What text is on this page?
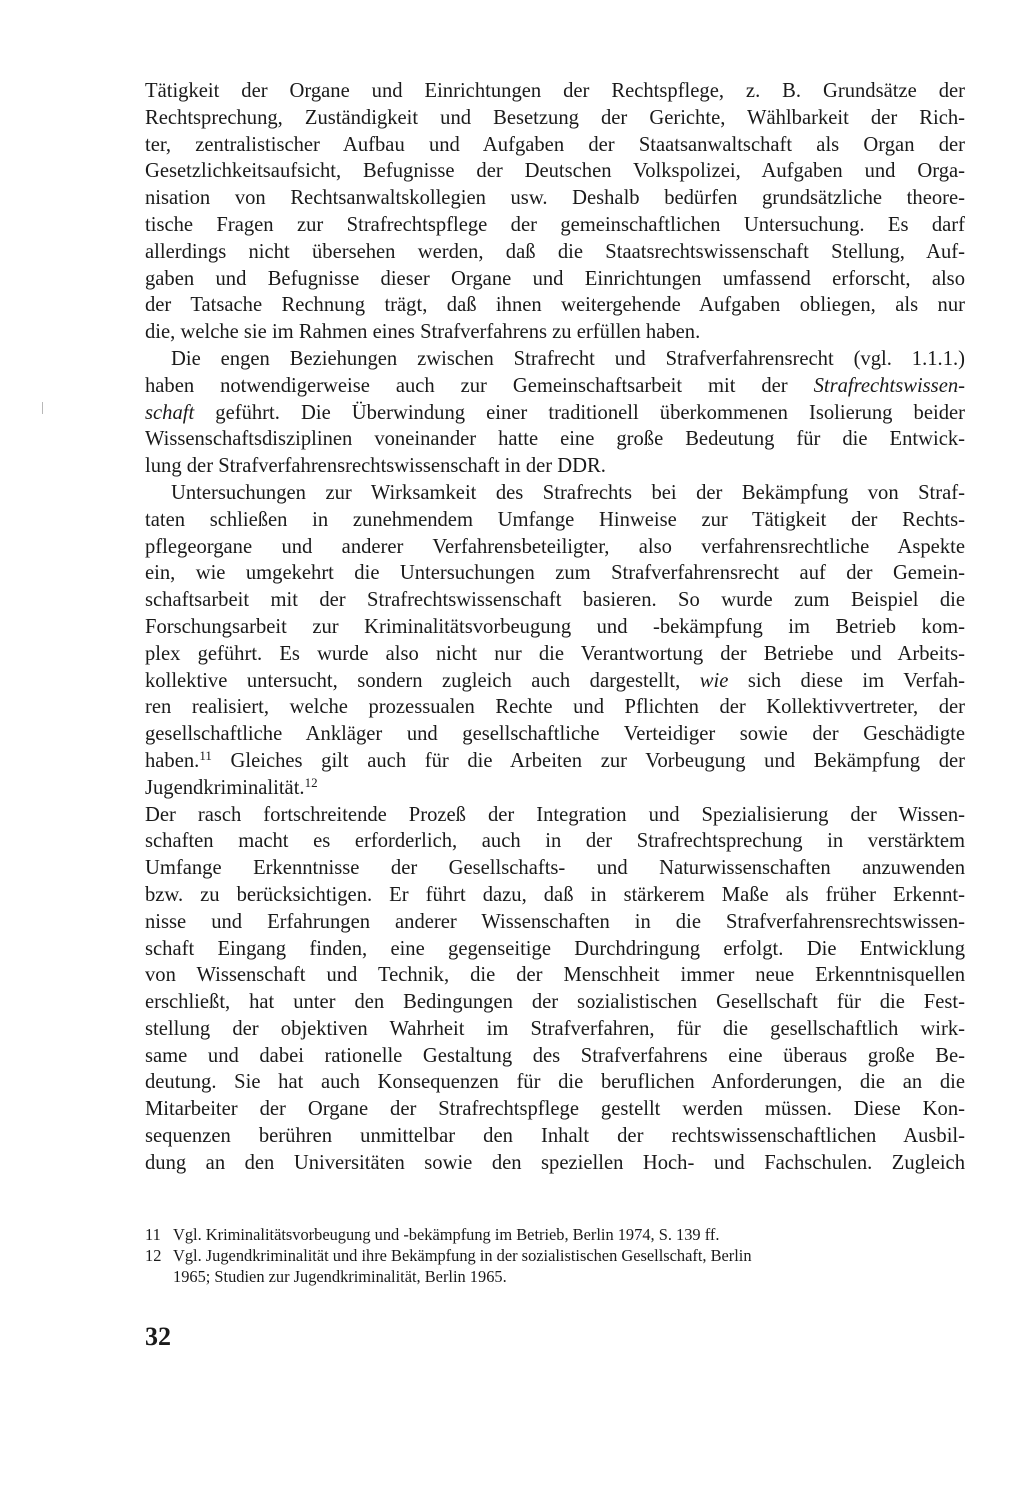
Tätigkeit der Organe und Einrichtungen der Rechtspflege, z. B. Grundsätze der
Rechtsprechung, Zuständigkeit und Besetzung der Gerichte, Wählbarkeit der Rich-
ter, zentralistischer Aufbau und Aufgaben der Staatsanwaltschaft als Organ der
Gesetzlichkeitsaufsicht, Befugnisse der Deutschen Volkspolizei, Aufgaben und Orga-
nisation von Rechtsanwaltskollegien usw. Deshalb bedürfen grundsätzliche theore-
tische Fragen zur Strafrechtspflege der gemeinschaftlichen Untersuchung. Es darf
allerdings nicht übersehen werden, daß die Staatsrechtswissenschaft Stellung, Auf-
gaben und Befugnisse dieser Organe und Einrichtungen umfassend erforscht, also
der Tatsache Rechnung trägt, daß ihnen weitergehende Aufgaben obliegen, als nur
die, welche sie im Rahmen eines Strafverfahrens zu erfüllen haben.

Die engen Beziehungen zwischen Strafrecht und Strafverfahrensrecht (vgl. 1.1.1.)
haben notwendigerweise auch zur Gemeinschaftsarbeit mit der Strafrechtswissen-
schaft geführt. Die Überwindung einer traditionell überkommenen Isolierung beider
Wissenschaftsdisziplinen voneinander hatte eine große Bedeutung für die Entwick-
lung der Strafverfahrensrechtswissenschaft in der DDR.

Untersuchungen zur Wirksamkeit des Strafrechts bei der Bekämpfung von Straf-
taten schließen in zunehmendem Umfange Hinweise zur Tätigkeit der Rechts-
pflegeorgane und anderer Verfahrensbeteiligter, also verfahrensrechtliche Aspekte
ein, wie umgekehrt die Untersuchungen zum Strafverfahrensrecht auf der Gemein-
schaftsarbeit mit der Strafrechtswissenschaft basieren. So wurde zum Beispiel die
Forschungsarbeit zur Kriminalitätsvorbeugung und -bekämpfung im Betrieb kom-
plex geführt. Es wurde also nicht nur die Verantwortung der Betriebe und Arbeits-
kollektive untersucht, sondern zugleich auch dargestellt, wie sich diese im Verfah-
ren realisiert, welche prozessualen Rechte und Pflichten der Kollektivvertreter, der
gesellschaftliche Ankläger und gesellschaftliche Verteidiger sowie der Geschädigte
haben.$^{11}$ Gleiches gilt auch für die Arbeiten zur Vorbeugung und Bekämpfung der
Jugendkriminalität.$^{12}$

Der rasch fortschreitende Prozeß der Integration und Spezialisierung der Wissen-
schaften macht es erforderlich, auch in der Strafrechtsprechung in verstärktem
Umfange Erkenntnisse der Gesellschafts- und Naturwissenschaften anzuwenden
bzw. zu berücksichtigen. Er führt dazu, daß in stärkerem Maße als früher Erkennt-
nisse und Erfahrungen anderer Wissenschaften in die Strafverfahrensrechtswissen-
schaft Eingang finden, eine gegenseitige Durchdringung erfolgt. Die Entwicklung
von Wissenschaft und Technik, die der Menschheit immer neue Erkenntnisquellen
erschließt, hat unter den Bedingungen der sozialistischen Gesellschaft für die Fest-
stellung der objektiven Wahrheit im Strafverfahren, für die gesellschaftlich wirk-
same und dabei rationelle Gestaltung des Strafverfahrens eine überaus große Be-
deutung. Sie hat auch Konsequenzen für die beruflichen Anforderungen, die an die
Mitarbeiter der Organe der Strafrechtspflege gestellt werden müssen. Diese Kon-
sequenzen berühren unmittelbar den Inhalt der rechtswissenschaftlichen Ausbil-
dung an den Universitäten sowie den speziellen Hoch- und Fachschulen. Zugleich

11 Vgl. Kriminalitätsvorbeugung und -bekämpfung im Betrieb, Berlin 1974, S. 139 ff.
12 Vgl. Jugendkriminalität und ihre Bekämpfung in der sozialistischen Gesellschaft, Berlin
1965; Studien zur Jugendkriminalität, Berlin 1965.
32
